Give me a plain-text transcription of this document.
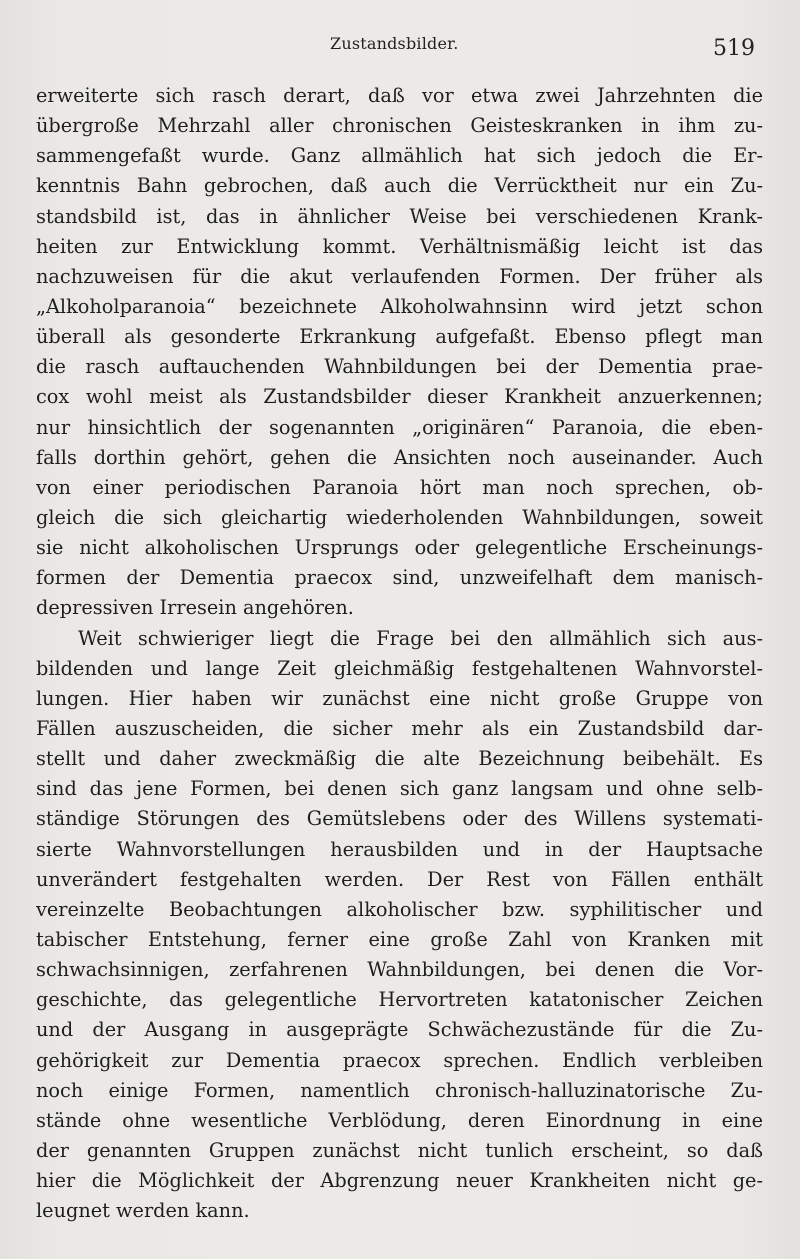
Zustandsbilder.	519
erweiterte sich rasch derart, daß vor etwa zwei Jahrzehnten die
übergroße Mehrzahl aller chronischen Geisteskranken in ihm zu-
sammengefaßt wurde. Ganz allmählich hat sich jedoch die Er-
kenntnis Bahn gebrochen, daß auch die Verrücktheit nur ein Zu-
standsbild ist, das in ähnlicher Weise bei verschiedenen Krank-
heiten zur Entwicklung kommt. Verhältnismäßig leicht ist das
nachzuweisen für die akut verlaufenden Formen. Der früher als
„Alkoholparanoia“ bezeichnete Alkoholwahnsinn wird jetzt schon
überall als gesonderte Erkrankung aufgefaßt. Ebenso pflegt man
die rasch auftauchenden Wahnbildungen bei der Dementia prae-
cox wohl meist als Zustandsbilder dieser Krankheit anzuerkennen;
nur hinsichtlich der sogenannten „originären“ Paranoia, die eben-
falls dorthin gehört, gehen die Ansichten noch auseinander. Auch
von einer periodischen Paranoia hört man noch sprechen, ob-
gleich die sich gleichartig wiederholenden Wahnbildungen, soweit
sie nicht alkoholischen Ursprungs oder gelegentliche Erscheinungs-
formen der Dementia praecox sind, unzweifelhaft dem manisch-
depressiven Irresein angehören.
Weit schwieriger liegt die Frage bei den allmählich sich aus-
bildenden und lange Zeit gleichmäßig festgehaltenen Wahnvorstel-
lungen. Hier haben wir zunächst eine nicht große Gruppe von
Fällen auszuscheiden, die sicher mehr als ein Zustandsbild dar-
stellt und daher zweckmäßig die alte Bezeichnung beibehält. Es
sind das jene Formen, bei denen sich ganz langsam und ohne selb-
ständige Störungen des Gemütslebens oder des Willens systemati-
sierte Wahnvorstellungen herausbilden und in der Hauptsache
unverändert festgehalten werden. Der Rest von Fällen enthält
vereinzelte Beobachtungen alkoholischer bzw. syphilitischer und
tabischer Entstehung, ferner eine große Zahl von Kranken mit
schwachsinnigen, zerfahrenen Wahnbildungen, bei denen die Vor-
geschichte, das gelegentliche Hervortreten katatonischer Zeichen
und der Ausgang in ausgeprägte Schwächezustände für die Zu-
gehörigkeit zur Dementia praecox sprechen. Endlich verbleiben
noch einige Formen, namentlich chronisch-halluzinatorische Zu-
stände ohne wesentliche Verblödung, deren Einordnung in eine
der genannten Gruppen zunächst nicht tunlich erscheint, so daß
hier die Möglichkeit der Abgrenzung neuer Krankheiten nicht ge-
leugnet werden kann.
